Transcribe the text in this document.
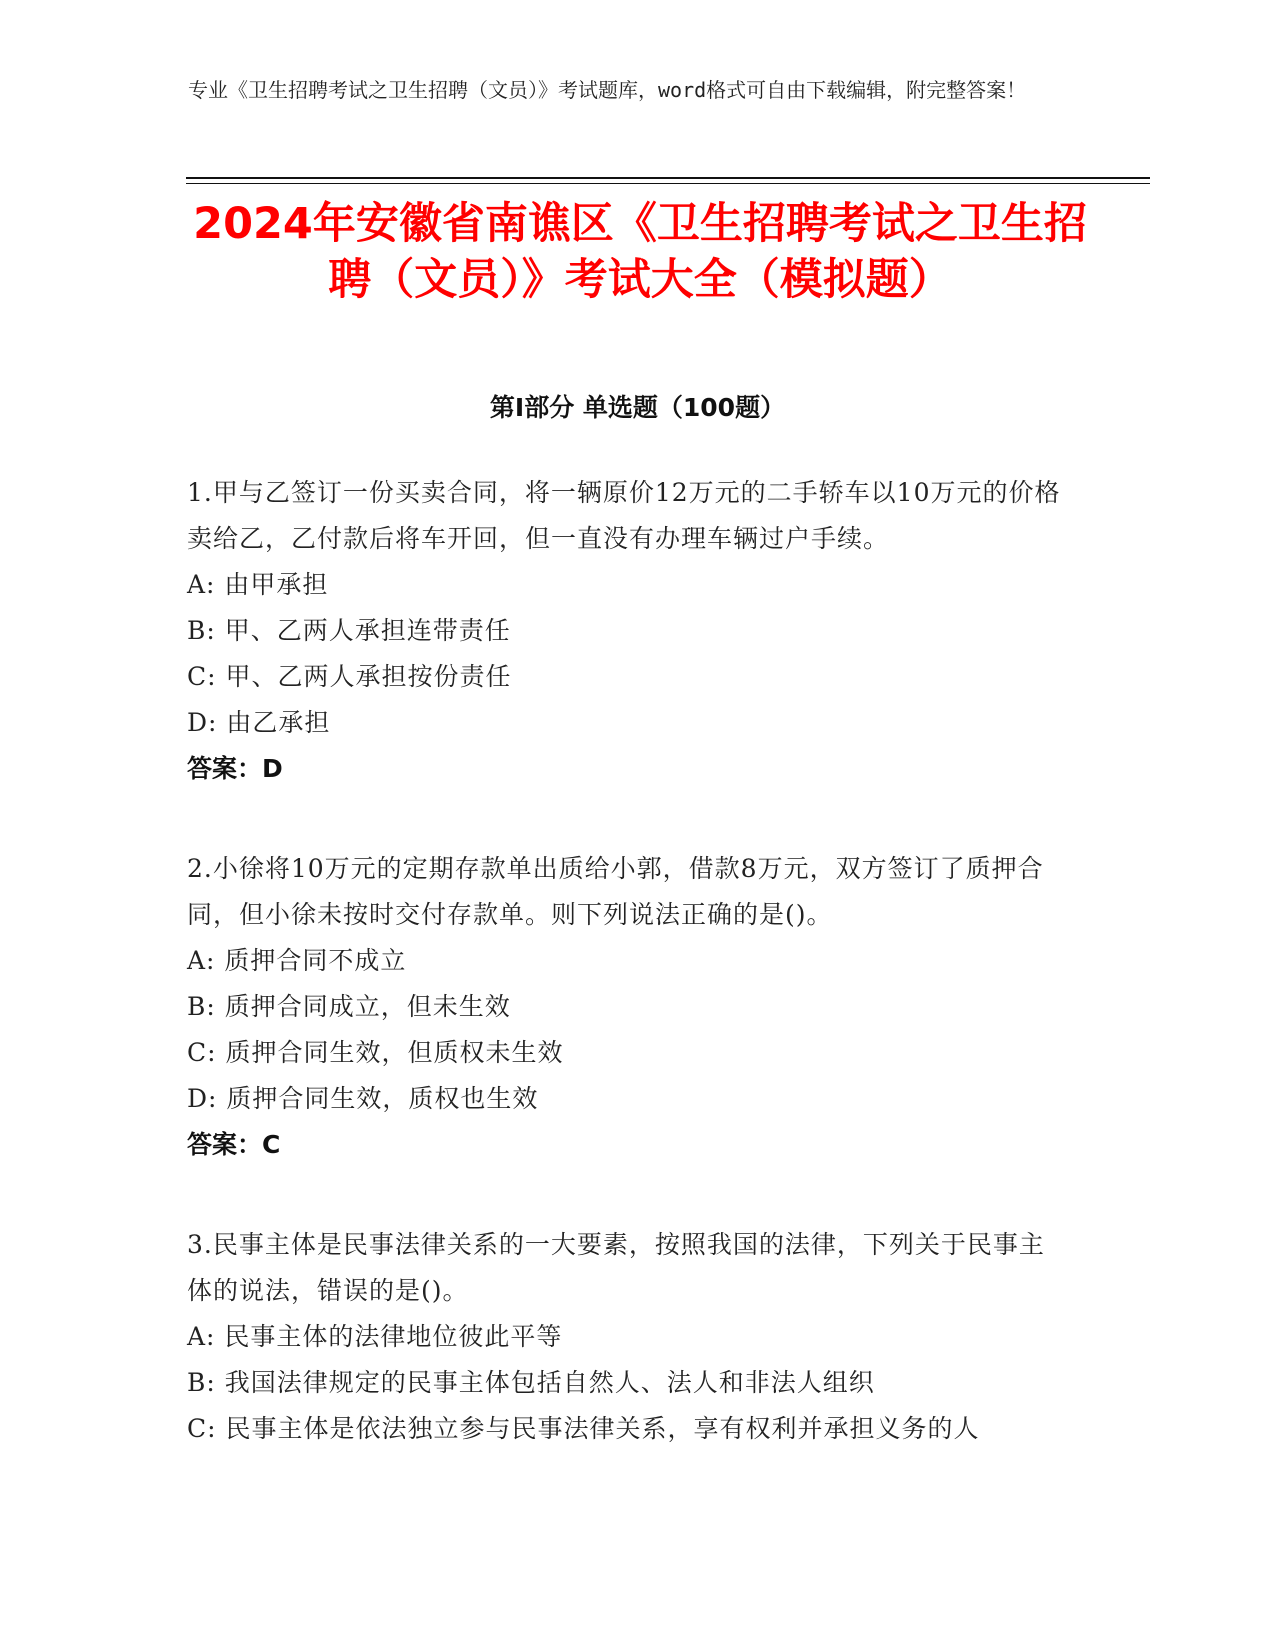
专业《卫生招聘考试之卫生招聘（文员）》考试题库，word格式可自由下载编辑，附完整答案！
2024年安徽省南谯区《卫生招聘考试之卫生招聘（文员）》考试大全（模拟题）
第Ⅰ部分 单选题（100题）
1.甲与乙签订一份买卖合同，将一辆原价12万元的二手轿车以10万元的价格卖给乙，乙付款后将车开回，但一直没有办理车辆过户手续。
A: 由甲承担
B: 甲、乙两人承担连带责任
C: 甲、乙两人承担按份责任
D: 由乙承担
答案：D
2.小徐将10万元的定期存款单出质给小郭，借款8万元，双方签订了质押合同，但小徐未按时交付存款单。则下列说法正确的是()。
A: 质押合同不成立
B: 质押合同成立，但未生效
C: 质押合同生效，但质权未生效
D: 质押合同生效，质权也生效
答案：C
3.民事主体是民事法律关系的一大要素，按照我国的法律，下列关于民事主体的说法，错误的是()。
A: 民事主体的法律地位彼此平等
B: 我国法律规定的民事主体包括自然人、法人和非法人组织
C: 民事主体是依法独立参与民事法律关系，享有权利并承担义务的人
